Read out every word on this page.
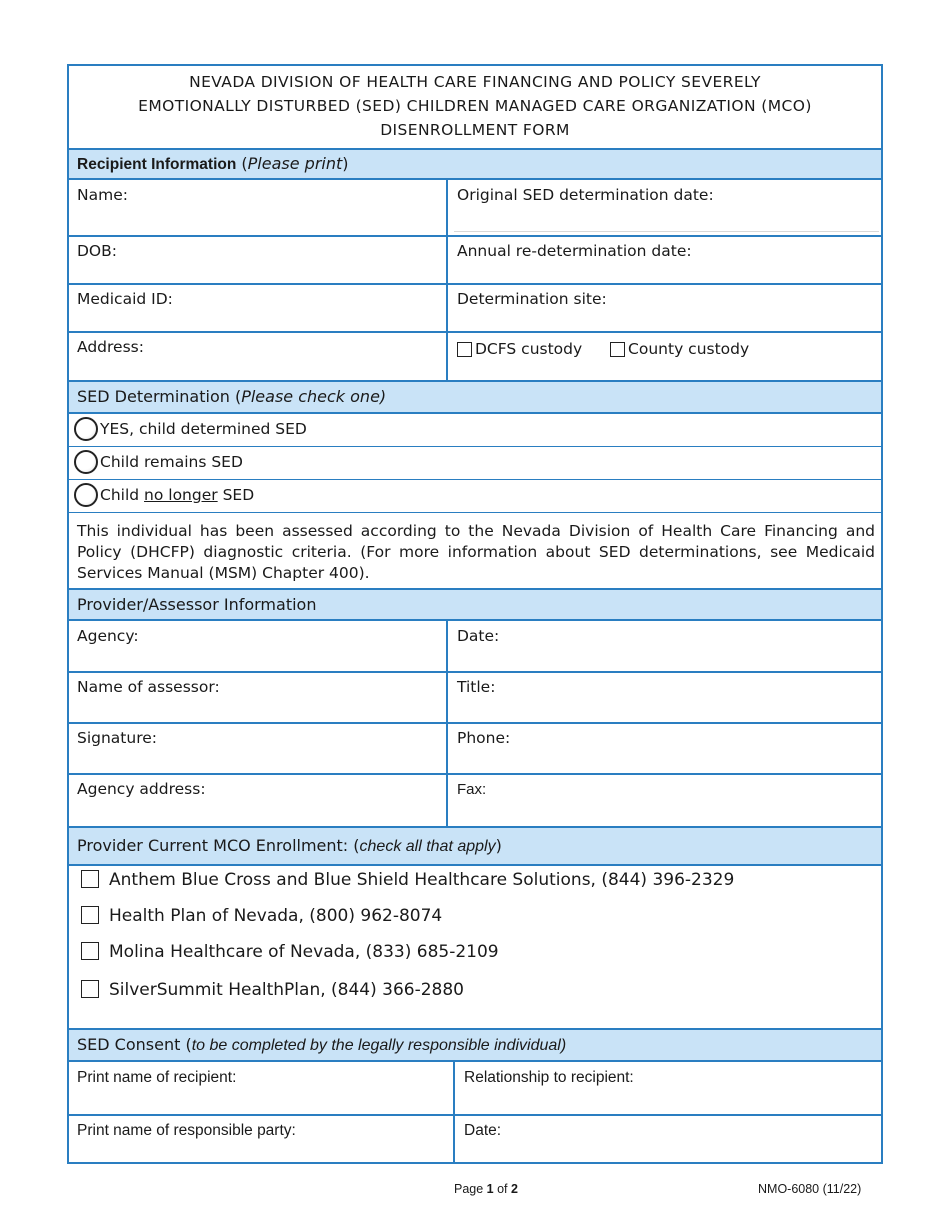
NEVADA DIVISION OF HEALTH CARE FINANCING AND POLICY SEVERELY
EMOTIONALLY DISTURBED (SED) CHILDREN MANAGED CARE ORGANIZATION (MCO)
DISENROLLMENT FORM
Recipient Information (Please print)
Name:	Original SED determination date:
DOB:	Annual re-determination date:
Medicaid ID:	Determination site:
Address:	DCFS custody	County custody
SED Determination (Please check one)
YES, child determined SED
Child remains SED
Child no longer SED
This individual has been assessed according to the Nevada Division of Health Care Financing and Policy (DHCFP) diagnostic criteria. (For more information about SED determinations, see Medicaid Services Manual (MSM) Chapter 400).
Provider/Assessor Information
Agency:	Date:
Name of assessor:	Title:
Signature:	Phone:
Agency address:	Fax:
Provider Current MCO Enrollment: (check all that apply)
Anthem Blue Cross and Blue Shield Healthcare Solutions, (844) 396-2329
Health Plan of Nevada, (800) 962-8074
Molina Healthcare of Nevada, (833) 685-2109
SilverSummit HealthPlan, (844) 366-2880
SED Consent (to be completed by the legally responsible individual)
Print name of recipient:	Relationship to recipient:
Print name of responsible party:	Date:
Page 1 of 2	NMO-6080 (11/22)
